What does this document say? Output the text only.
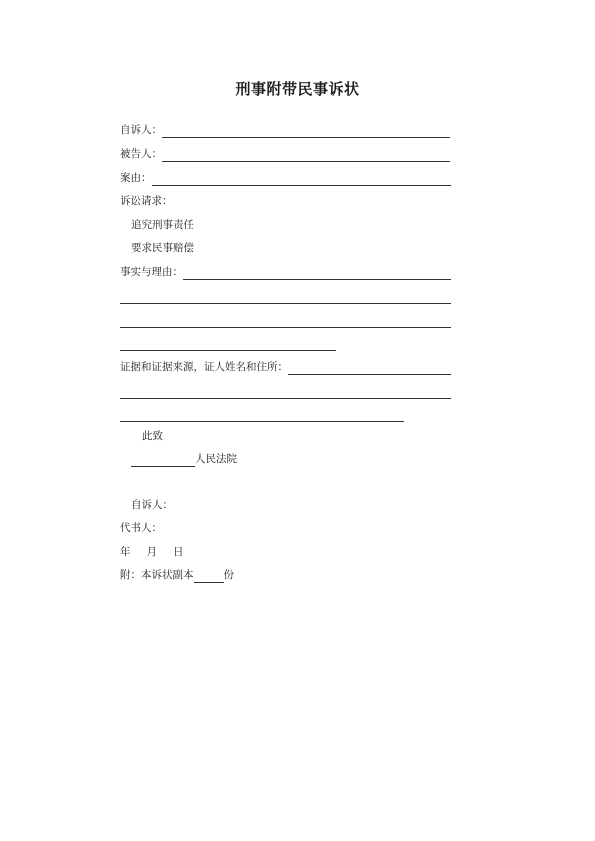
刑事附带民事诉状
自诉人：
被告人：
案由：
诉讼请求：
追究刑事责任
要求民事赔偿
事实与理由：
证据和证据来源，证人姓名和住所：
此致
人民法院
自诉人：
代书人：
年 月 日
附：本诉状副本	份
